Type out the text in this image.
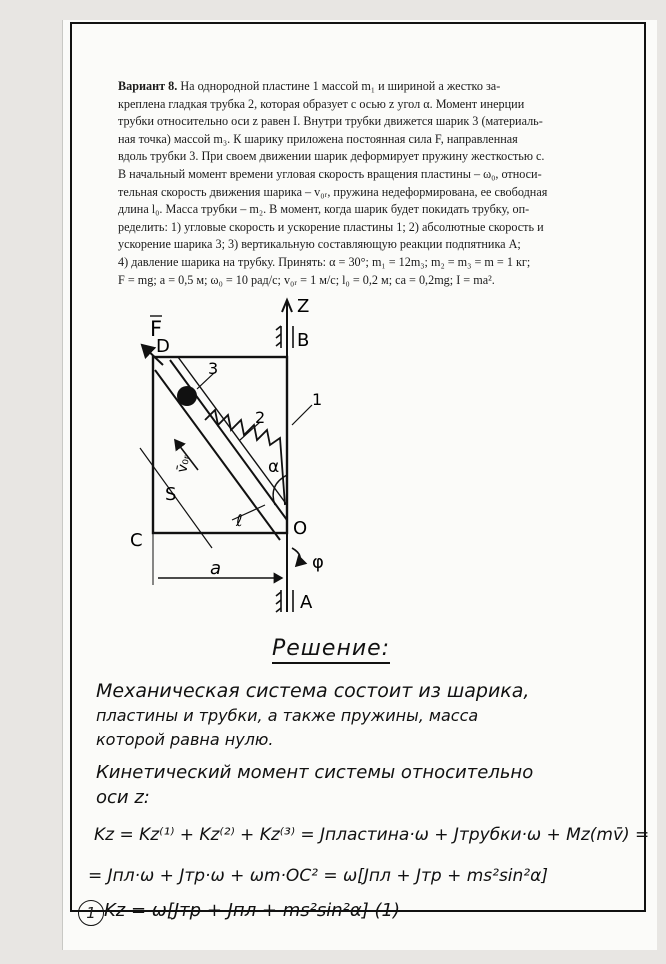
Вариант 8. На однородной пластине 1 массой m₁ и шириной a жестко за-

креплена гладкая трубка 2, которая образует с осью z угол α. Момент инерции

трубки относительно оси z равен I. Внутри трубки движется шарик 3 (материаль-

ная точка) массой m₃. К шарику приложена постоянная сила F, направленная

вдоль трубки 3. При своем движении шарик деформирует пружину жесткостью c.

В начальный момент времени угловая скорость вращения пластины – ω₀, относи-

тельная скорость движения шарика – v₀ᵣ, пружина недеформирована, ее свободная

длина l₀. Масса трубки – m₂. В момент, когда шарик будет покидать трубку, оп-

ределить: 1) угловые скорость и ускорение пластины 1; 2) абсолютные скорость и

ускорение шарика 3; 3) вертикальную составляющую реакции подпятника A;

4) давление шарика на трубку. Принять: α = 30°; m₁ = 12m₃; m₂ = m₃ = m = 1 кг;

F = mg; a = 0,5 м; ω₀ = 10 рад/с; v₀ᵣ = 1 м/с; l₀ = 0,2 м; ca = 0,2mg; I = ma².
F
D
Z
B
3
1
2
v̄₀ᵣ
S
ℓ
α
C
O
a	φ
A
Решение:
Механическая система состоит из шарика,
пластины и трубки, а также пружины, масса
которой равна нулю.
Кинетический момент системы относительно
оси z:
Kz = Kz⁽¹⁾ + Kz⁽²⁾ + Kz⁽³⁾ = Jпластина·ω + Jтрубки·ω + Mz(mv̄) =
= Jпл·ω + Jтр·ω + ωm·OC² = ω[Jпл + Jтр + ms²sin²α]
1 Kz = ω[Jтр + Jпл + ms²sin²α] (1)
